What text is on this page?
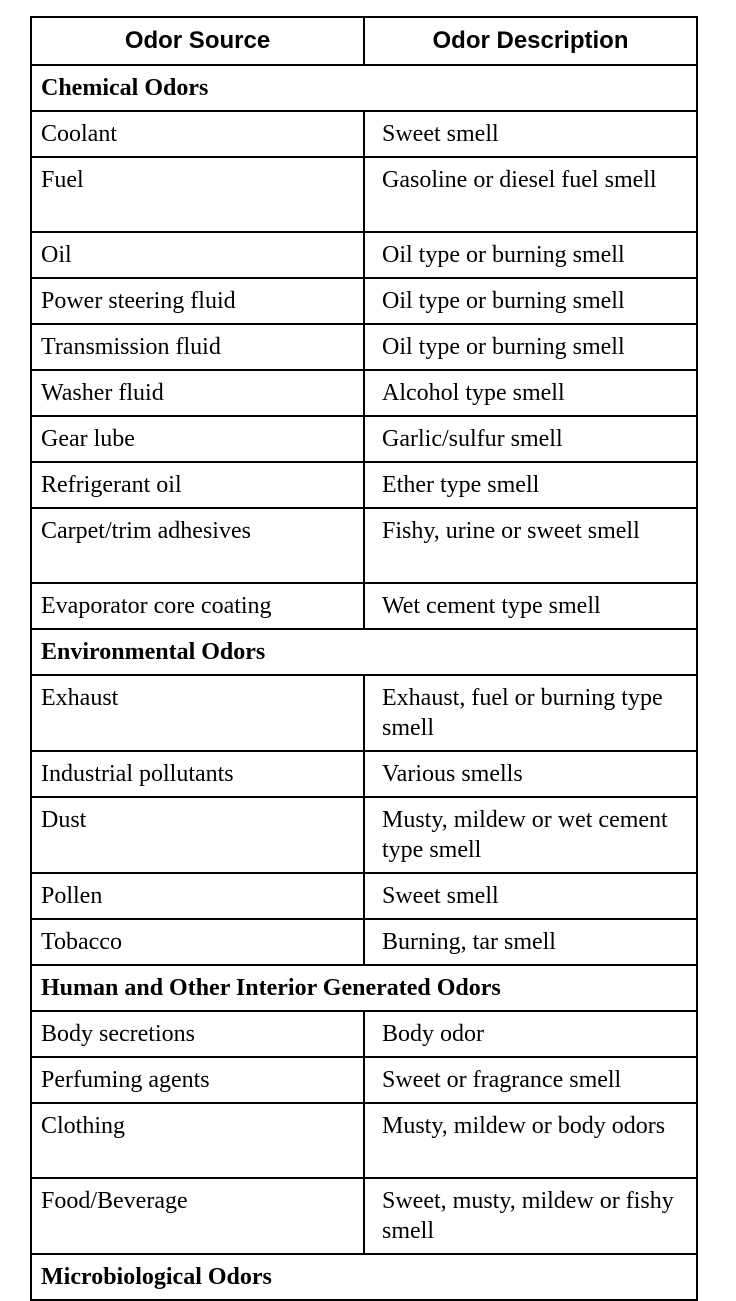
Odor Source	Odor Description
Chemical Odors	
Coolant	Sweet smell
Fuel	Gasoline or diesel fuel smell
Oil	Oil type or burning smell
Power steering fluid	Oil type or burning smell
Transmission fluid	Oil type or burning smell
Washer fluid	Alcohol type smell
Gear lube	Garlic/sulfur smell
Refrigerant oil	Ether type smell
Carpet/trim adhesives	Fishy, urine or sweet smell
Evaporator core coating	Wet cement type smell
Environmental Odors	
Exhaust	Exhaust, fuel or burning type smell
Industrial pollutants	Various smells
Dust	Musty, mildew or wet cement type smell
Pollen	Sweet smell
Tobacco	Burning, tar smell
Human and Other Interior Generated Odors	
Body secretions	Body odor
Perfuming agents	Sweet or fragrance smell
Clothing	Musty, mildew or body odors
Food/Beverage	Sweet, musty, mildew or fishy smell
Microbiological Odors	
